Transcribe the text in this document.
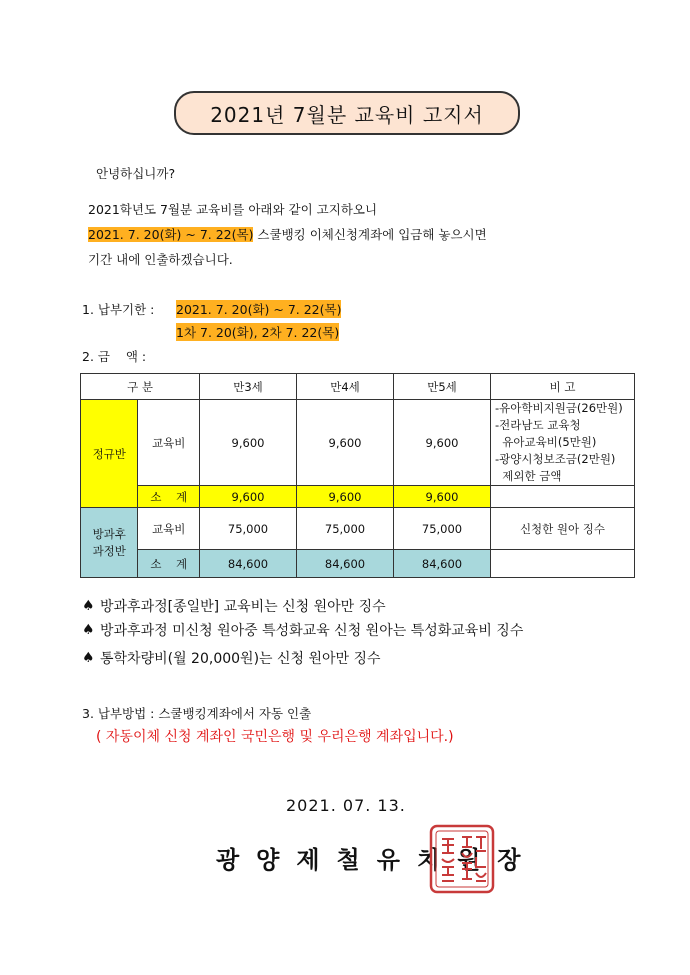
2021년 7월분 교육비 고지서
안녕하십니까?
2021학년도 7월분 교육비를 아래와 같이 고지하오니
2021. 7. 20(화) ~ 7. 22(목) 스쿨뱅킹 이체신청계좌에 입금해 놓으시면
기간 내에 인출하겠습니다.
1. 납부기한 : 2021. 7. 20(화) ~ 7. 22(목)
1차 7. 20(화), 2차 7. 22(목)
2. 금    액 :
구 분		만3세	만4세	만5세	비 고
정규반	교육비	9,600	9,600	9,600	-유아학비지원금(26만원)
-전라남도 교육청
유아교육비(5만원)
-광양시청보조금(2만원)
제외한 금액

	소    계	9,600	9,600	9,600	

방과후
과정반	교육비	75,000	75,000	75,000	신청한 원아 징수
	소    계	84,600	84,600	84,600	
♠ 방과후과정[종일반] 교육비는 신청 원아만 징수
♠ 방과후과정 미신청 원아중 특성화교육 신청 원아는 특성화교육비 징수
♠ 통학차량비(월 20,000원)는 신청 원아만 징수
3. 납부방법 : 스쿨뱅킹계좌에서 자동 인출
( 자동이체 신청 계좌인 국민은행 및 우리은행 계좌입니다.)
2021. 07. 13.
광양제철유치원장
